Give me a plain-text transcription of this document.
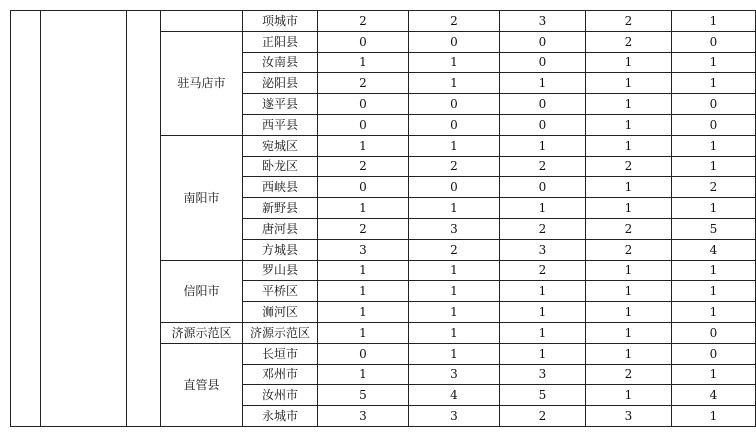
				项城市	2	2	3	2	1
			驻马店市	正阳县	0	0	0	2	0
				汝南县	1	1	0	1	1
				泌阳县	2	1	1	1	1
				遂平县	0	0	0	1	0
				西平县	0	0	0	1	0
			南阳市	宛城区	1	1	1	1	1
				卧龙区	2	2	2	2	1
				西峡县	0	0	0	1	2
				新野县	1	1	1	1	1
				唐河县	2	3	2	2	5
				方城县	3	2	3	2	4
			信阳市	罗山县	1	1	2	1	1
				平桥区	1	1	1	1	1
				浉河区	1	1	1	1	1
			济源示范区	济源示范区	1	1	1	1	0
			直管县	长垣市	0	1	1	1	0
				邓州市	1	3	3	2	1
				汝州市	5	4	5	1	4
				永城市	3	3	2	3	1
